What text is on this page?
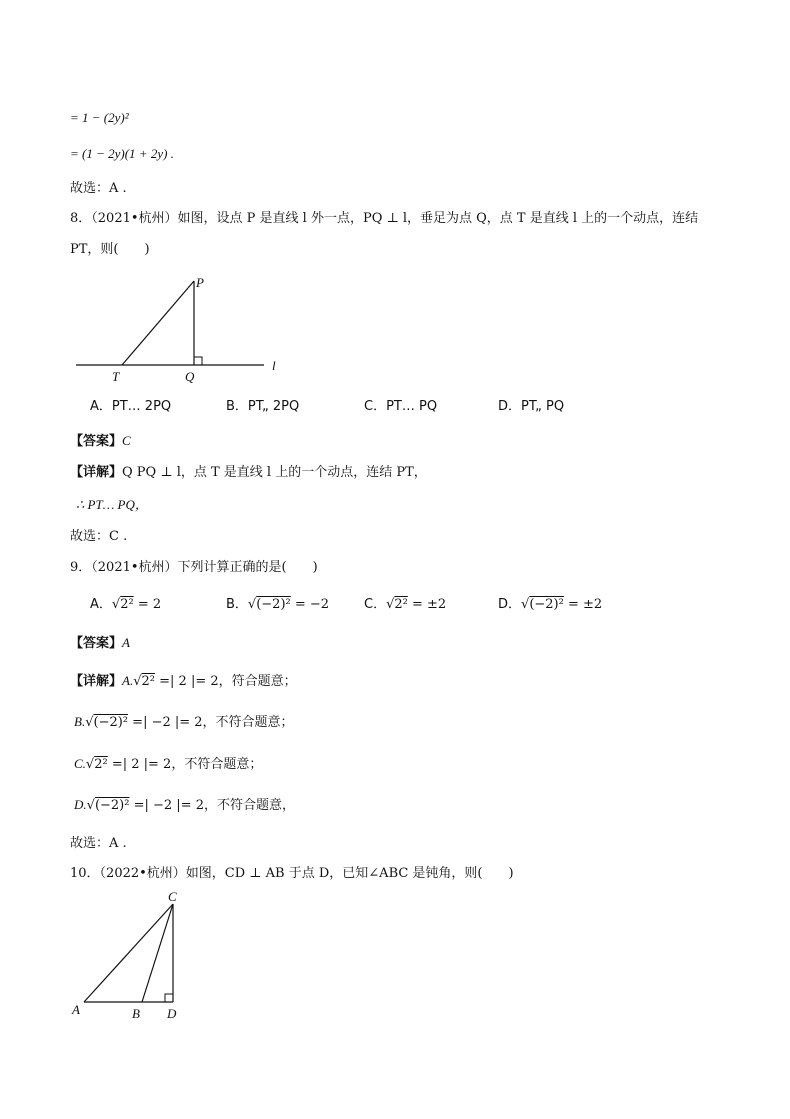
= 1 − (2y)²
= (1 − 2y)(1 + 2y) .
故选：A .
8．（2021•杭州）如图，设点 P 是直线 l 外一点，PQ ⊥ l，垂足为点 Q，点 T 是直线 l 上的一个动点，连结
PT，则(　　)
P
T	Q
l
A．PT… 2PQ	B．PT„ 2PQ	C．PT… PQ	D．PT„ PQ
【答案】C
【详解】Q PQ ⊥ l，点 T 是直线 l 上的一个动点，连结 PT，
∴ PT… PQ，
故选：C .
9．（2021•杭州）下列计算正确的是(　　)
A．√2² = 2	B．√(−2)² = −2	C．√2² = ±2	D．√(−2)² = ±2
【答案】A
【详解】A.√2² =| 2 |= 2，符合题意；
B.√(−2)² =| −2 |= 2，不符合题意；
C.√2² =| 2 |= 2，不符合题意；
D.√(−2)² =| −2 |= 2，不符合题意，
故选：A .
10．（2022•杭州）如图，CD ⊥ AB 于点 D，已知∠ABC 是钝角，则(　　)
C
A	B D
